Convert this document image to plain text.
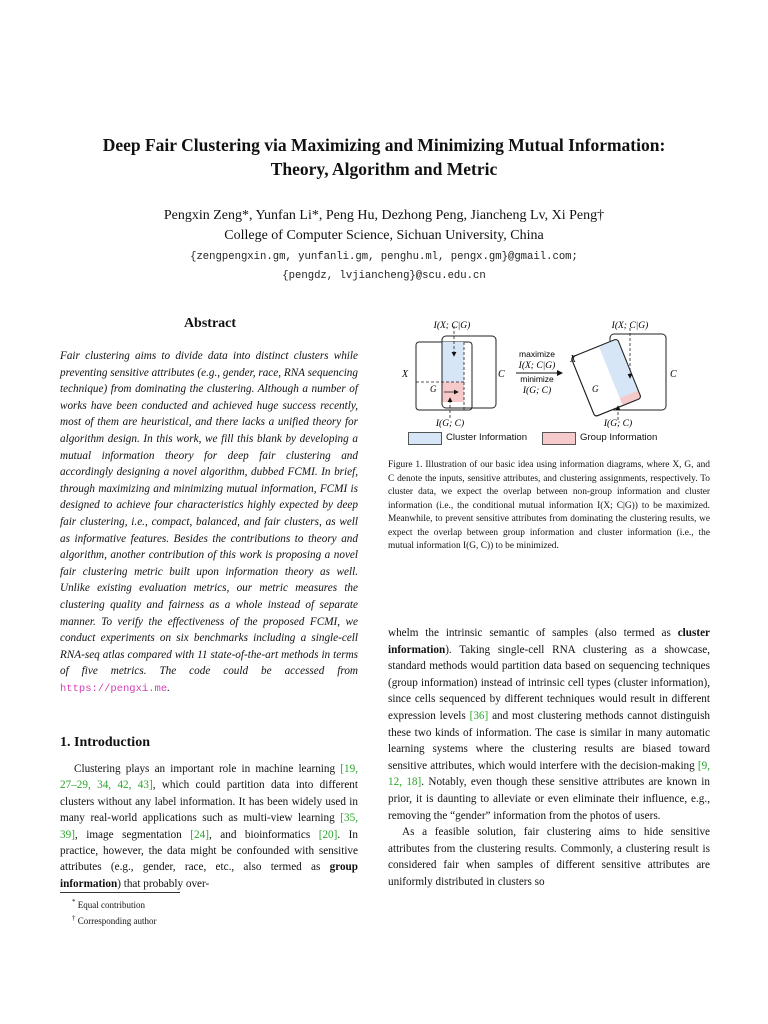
Deep Fair Clustering via Maximizing and Minimizing Mutual Information:
Theory, Algorithm and Metric
Pengxin Zeng*, Yunfan Li*, Peng Hu, Dezhong Peng, Jiancheng Lv, Xi Peng†
College of Computer Science, Sichuan University, China
{zengpengxin.gm, yunfanli.gm, penghu.ml, pengx.gm}@gmail.com;
{pengdz, lvjiancheng}@scu.edu.cn
Abstract
Fair clustering aims to divide data into distinct clusters while preventing sensitive attributes (e.g., gender, race, RNA sequencing technique) from dominating the clustering. Although a number of works have been conducted and achieved huge success recently, most of them are heuristical, and there lacks a unified theory for algorithm design. In this work, we fill this blank by developing a mutual information theory for deep fair clustering and accordingly designing a novel algorithm, dubbed FCMI. In brief, through maximizing and minimizing mutual information, FCMI is designed to achieve four characteristics highly expected by deep fair clustering, i.e., compact, balanced, and fair clusters, as well as informative features. Besides the contributions to theory and algorithm, another contribution of this work is proposing a novel fair clustering metric built upon information theory as well. Unlike existing evaluation metrics, our metric measures the clustering quality and fairness as a whole instead of separate manner. To verify the effectiveness of the proposed FCMI, we conduct experiments on six benchmarks including a single-cell RNA-seq atlas compared with 11 state-of-the-art methods in terms of five metrics. The code could be accessed from https://pengxi.me.
1. Introduction
Clustering plays an important role in machine learning [19, 27–29, 34, 42, 43], which could partition data into different clusters without any label information. It has been widely used in many real-world applications such as multi-view learning [35, 39], image segmentation [24], and bioinformatics [20]. In practice, however, the data might be confounded with sensitive attributes (e.g., gender, race, etc., also termed as group information) that probably over-
* Equal contribution
† Corresponding author
I(X; C|G)
X	C
G
I(G; C)
maximize
I(X; C|G)
minimize
I(G; C)
I(X; C|G)
X
C
G
I(G; C)
Cluster Information	Group Information
Figure 1. Illustration of our basic idea using information diagrams, where X, G, and C denote the inputs, sensitive attributes, and clustering assignments, respectively. To cluster data, we expect the overlap between non-group information and cluster information (i.e., the conditional mutual information I(X; C|G)) to be maximized. Meanwhile, to prevent sensitive attributes from dominating the clustering results, we expect the overlap between group information and cluster information (i.e., the mutual information I(G, C)) to be minimized.

whelm the intrinsic semantic of samples (also termed as cluster information). Taking single-cell RNA clustering as a showcase, standard methods would partition data based on sequencing techniques (group information) instead of intrinsic cell types (cluster information), since cells sequenced by different techniques would result in different expression levels [36] and most clustering methods cannot distinguish these two kinds of information. The case is similar in many automatic learning systems where the clustering results are biased toward sensitive attributes, which would interfere with the decision-making [9, 12, 18]. Notably, even though these sensitive attributes are known in prior, it is daunting to alleviate or even eliminate their influence, e.g., removing the “gender” information from the photos of users.

As a feasible solution, fair clustering aims to hide sensitive attributes from the clustering results. Commonly, a clustering result is considered fair when samples of different sensitive attributes are uniformly distributed in clusters so
